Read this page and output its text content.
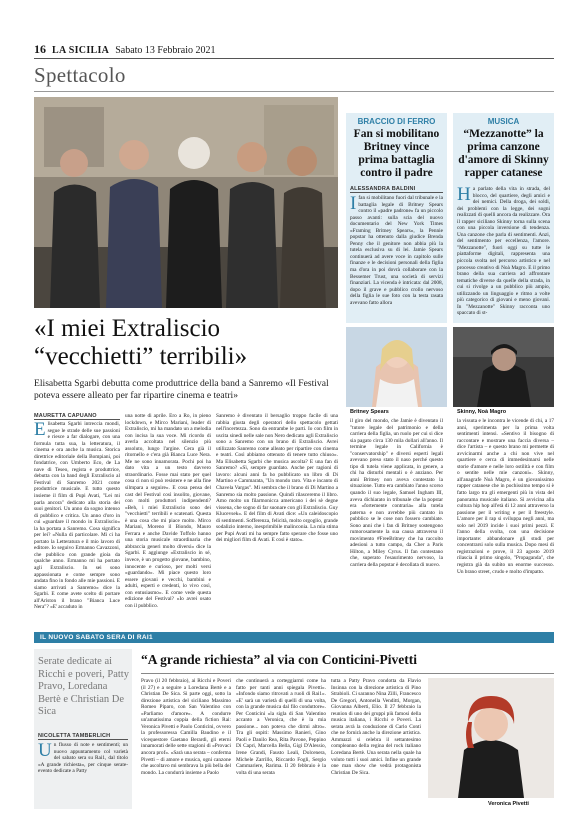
16 LA SICILIA Sabato 13 Febbraio 2021
Spettacolo
«I miei Extraliscio “vecchietti” terribili»
Elisabetta Sgarbi debutta come produttrice della band a Sanremo «Il Festival poteva essere alleato per far ripartire cinema e teatri»
MAURETTA CAPUANO
Elisabetta Sgarbi intreccia mondi, segue le strade delle sue passioni e riesce a far dialogare, con una formula tutta sua, la letteratura, il cinema e ora anche la musica. Storica direttrice editoriale della Bompiani, poi fondatrice, con Umberto Eco, de La nave di Teseo, regista e produttrice, debutta con la band degli Extraliscio al Festival di Sanremo 2021 come produttrice musicale. E tutto questo insieme il film di Pupi Avati, "Lei mi parla ancora" dedicato alla storia dei suoi genitori. Un anno da sogno intenso di pubblico e critica. Un anno d'oro in cui «guardare il mondo in Extraliscio» la ha portata a Sanremo. Cosa significa per lei? «Nulla di particolare. Mi ci ha portato la Letteratura e il mio lavoro di editore. Io seguivo Ermanno Cavazzoni, che pubblico con grande gioia da qualche anno. Ermanno mi ha portato agli Extraliscio. In sei sono appassionata e come sempre sono andata fino in fondo alle mie passioni. E siamo arrivati a Sanremo» dice la Sgarbi. E come avete scelto di portare all'Ariston il brano "Bianca Luce Nera"? «E' accaduto in
una notte di aprile. Ero a Ro, in pieno lockdown, e Mirco Mariani, leader di Extraliscio, mi ha mandato un a melodia con incisa la sua voce. Mi ricordo di averla accoltata nel silenzio più assoluto, lungo l'argine. Cera già il ritornello e c'era già Bianca Luce Nera. Me ne sono innamorata. Pochi poi ha dato vita a un testo davvero straordinario. Fosse mai stato per quel cosa ci non si può resistere e ne alla fine silmpara a seguire». E cosa pensa del cast del Festival così insolito, giovane, con molti produttori indipendenti? «Beh, i miei Extraliscio sono dei "vecchietti" terribili e scatenati. Questa è una cosa che mi piace molto. Mirco Mariani, Moreno il Biondo, Mauro Ferrara e anche Davide Toffolo hanno una storia musicale straordinaria che abbraccia generi molto diversi» dice la Sgarbi. E aggiunge «Extraliscio in sé, invece, è un progetto giovane, bambino, innocente e curioso, per molti versi «guardando». Mi piace questo loro essere giovani e vecchi, bambini e adulti, esperti e credenti, lo vivo così, con entusiasmo». E come vede questa edizione del Festival? «Io avrei osato con il pubblico.
Sanremo è diventato il bersaglio troppo facile di una rabbia giusta degli operatori dello spettacolo gettati nell'incertezza. Sono da entrambe le parti. Io con film in uscita sinedi nelle sale non Nero dedicato agli Extraliscio sono a Sanremo con un brano di Extraliscio. Avrei utilizzato Sanremo come alleato per ripartire con cinema e teatri. Così abbiamo ottenuto di tenere tutto chiuso». Ma Elisabetta Sgarbi che musica ascolta? E una fan di Sanremo? «Sì, sempre guardato. Anche per ragioni di lavoro: alcuni anni fa ho pubblicato un libro di Di Martino e Cammarata, "Un mondo raro. Vita e incanto di Chavela Vargas". Mi sembra che il brano di Di Martino a Sanremo sia molto passione. Quindi rilasceremo il libro. Amo molto un filarmonicca americano i dei sè degne vissena, che sogno di far suonare con gli Extraliscio. Guy Klucevsek». E del film di Avati dice: «Un caleidoscopio di sentimenti. Sofferenza, felicità, molto orgoglio, grande sodalizio interno, inesprimibile malinconia. La mia stima per Pupi Avati mi ha sempre fatto sperare che fosse uno dei migliori film di Avati. E così è stato».
BRACCIO DI FERRO
Fan si mobilitano Britney vince prima battaglia contro il padre
ALESSANDRA BALDINI
Ifan si mobilitano fuori dal tribunale e la battaglia legale di Britney Spears contro il «padre padrone» fa un piccolo passo avanti: sulla scia del nuovo documentario del New York Times «Framing Britney Spears», la Pennie popstar ha ottenuto dalla giudice Brenda Penny che il genitore non abbia più la tutela esclusiva su di lei. Jamie Spears continuerà ad avere voce in capitolo sulle finanze e le decisioni personali della figlia ma d'ora in poi dovrà collaborare con la Bessemer Trust, una società di servizi finanziari. La vicenda è intricata: dal 2008, dopo il grave e pubblico crollo nervoso della figlia le sue foto con la testa rasata avevano fatto allora
Britney Spears
il giro del mondo, che Jamie è diventato il "tutore legale del patrimonio e della carriera della figlia, un ruolo per cui si dice sia pagato circa 130 mila dollari all'anno. Il termine legale in California è "conservatorship" e diversi esperti legali avevano preso stato il naso perché questo tipo di tutela viene applicata, in genere, a chi ha disturbi mentali o è anziano. Per anni Britney non aveva contestato la situazione. Tutto era cambiato l'anno scorso quando il suo legale, Samuel Ingham III, aveva dichiarato in tribunale che la popstar era «fortemente contraria» alla tutela paterna e non avrebbe più cantato in pubblico se le cose non fossero cambiate. Sono anni che i fan di Britney sostengono rumorosamente la sua causa attraverso il movimento #FreeBritney che ha raccolto adesioni a tutto campo, da Cher a Paris Hilton, a Miley Cyrus. Il fan contestano che, superato l'esaurimento nervoso, la carriera della popstar è decollata di nuovo.
MUSICA
“Mezzanotte” la prima canzone d'amore di Skinny rapper catanese
Ha parlato della vita in strada, del blocco, del quartiere, degli amici e dei nemici. Della droga, dei soldi, dei problemi con la legge, dei sogni realizzati di quelli ancora da realizzare. Ora il rapper siciliano Skinny torna sulla scena con una piccola inversione di tendenza. Una canzone che parla di sentimenti. Anzi, del sentimento per eccellenza, l'amore. "Mezzanotte", fuori oggi su tutte le piattaforme digitali, rappresenta una piccola svolta nel percorso artistico e nel processo creativo di Noà Magro. E il primo brano della sua carriera ad affrontare tematiche diverse da quelle della strada, in cui si rivolge a un pubblico più ampio, utilizzando un linguaggio e ritmo a volte più categorico di giovani e meno giovani. In "Mezzanotte" Skinny racconta uno spaccato di st-
Skinny, Noà Magro
la vissuta e le incontra le vicende di chi, a 17 anni, sperimenta per la prima volta sentimenti intensi. «Sentivo il bisogno di raccontare e mostrare una faccia diversa – dice l'artista – e questo brano mi permette di avvicinarmi anche a chi non vive nel quartiere e cerca di immedesimarsi nelle storie d'amore e nelle loro ostilità e con film o sentite nelle mie canzoni». Skinny, all'anagrafe Noà Magro, è un giovanissimo rapper catanese che in pochissimo tempo si è fatto largo tra gli emergenti più in vista del panorama musicale italiano. Si avvicina alla cultura hip hop all'età di 12 anni attraverso la passione per il writing e per il freestyle. L'amore per il rap si sviluppa negli anni, ma solo nel 2019 incide i suoi primi pezzi. E l'anno della svolta, con una decisione importante: abbandonare gli studi per concentrarsi solo sulla musica. Dopo mesi di registrazioni e prove, il 23 agosto 2019 rilascia il primo singolo, "Propaganda", che registra già da subito un enorme successo. Un brano street, crudo e molto d'impatto.
IL NUOVO SABATO SERA DI RAI1
Serate dedicate ai Ricchi e poveri, Patty Pravo, Loredana Bertè e Christian De Sica
NICOLETTA TAMBERLICH
Un flusso di note e sentimenti; un nuovo appuntamento col varietà del sabato sera su Rai1, dal titolo «A grande richiesta», per cinque serate-evento dedicate a Patty
“A grande richiesta” al via con Conticini-Pivetti
Pravo (il 20 febbraio), ai Ricchi e Poveri (il 27) e a seguire a Loredana Bertè e a Christian De Sica. Si parte oggi, sotto la direzione artistica del siciliano Massimo Romeo Piparo, con San Valentino con «Parliamo d'amore». A condurre un'amatissima coppia della fiction Rai: Veronica Pivetti e Paolo Conticini, ovvero la professoressa Camilla Baudino e il vicequestore Gaetano Berardi, gli eterni innamorati delle sette stagioni di «Provaci ancora prof». «Sarà una serata – conferma Pivetti – di amore e musica, ogni canzone che ascoltavo mi sembrava la più bella del mondo. La condurrà insieme a Paolo
che continuerà a corteggiarmi come ha fatto per tanti anni spiegala Pivetti». «Infondo siamo ritrovati a ruoli di Rai1». «E' sarà un varietà di quelli di una volta, con la grande musica dal filo conduttore». Per Conticini «la sigla di San Valentino accanto a Veronica, che è la mia passione... non poteva che dirmi altro». Tra gli ospiti: Massimo Ranieri, Gino Paoli e Danilo Rea, Rita Pavone, Peppino Di Capri, Marcella Bella, Gigi D'Alessio, Irene Grandi, Fausto Leali, Dolcenera, Michele Zarrillo, Riccardo Fogli, Sergio Cammariere, Rarima. Il 20 febbraio è la volta di una serata
tutta a Patty Pravo condotta da Flavio Insinna con la direzione artistica di Pino Strabioli. Ci saranno Nina Zilli, Francesco De Gregori, Antonella Venditti, Morgan, Giovanna Alberti, Elio. Il 27 febbraio la reunion di uno dei gruppi più famosi della musica italiana, i Ricchi e Poveri. La serata avrà la conduzione di Carlo Conti che ne fornirà anche la direzione artistica. Ammazzi si celebra il settantesimo compleanno della regina del rock italiano Loredana Bertè. Una serata nella quale ha voluto tutti i suoi amici. Infine un grande one man show che vedrà protagonista Christian De Sica.
Veronica Pivetti
